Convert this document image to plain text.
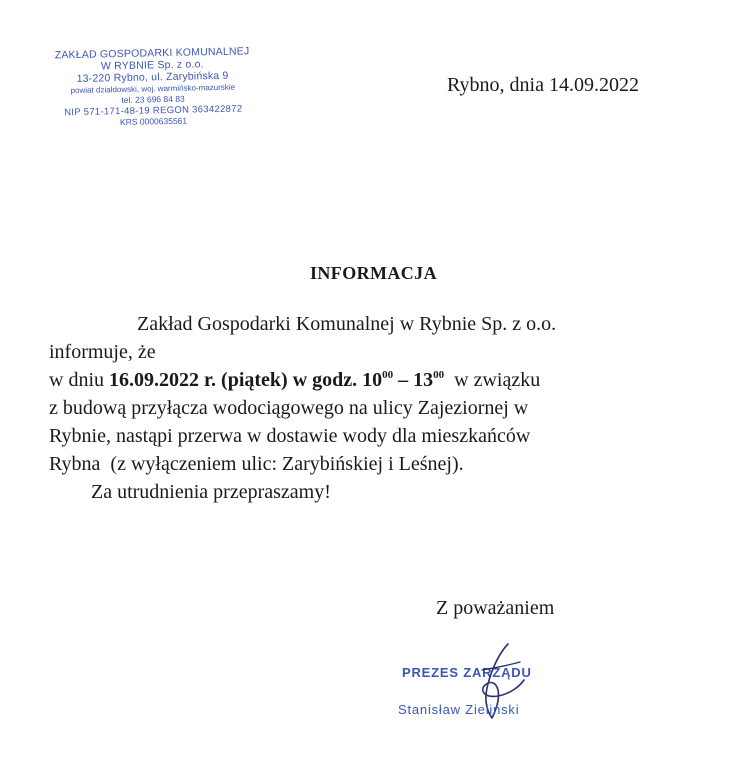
ZAKŁAD GOSPODARKI KOMUNALNEJ
W RYBNIE Sp. z o.o.
13-220 Rybno, ul. Zarybińska 9
powiat działdowski, woj. warmińsko-mazurskie
tel. 23 696 84 83
NIP 571-171-48-19 REGON 363422872
KRS 0000635561
Rybno, dnia 14.09.2022
INFORMACJA

Zakład Gospodarki Komunalnej w Rybnie Sp. z o.o.

informuje, że

w dniu 16.09.2022 r. (piątek) w godz. $10^{00} - 13^{00}$  w związku

z budową przyłącza wodociągowego na ulicy Zajeziornej w

Rybnie, nastąpi przerwa w dostawie wody dla mieszkańców

Rybna  (z wyłączeniem ulic: Zarybińskiej i Leśnej).

Za utrudnienia przepraszamy!

Z poważaniem
PREZES ZARZĄDU
Stanisław Zieliński
